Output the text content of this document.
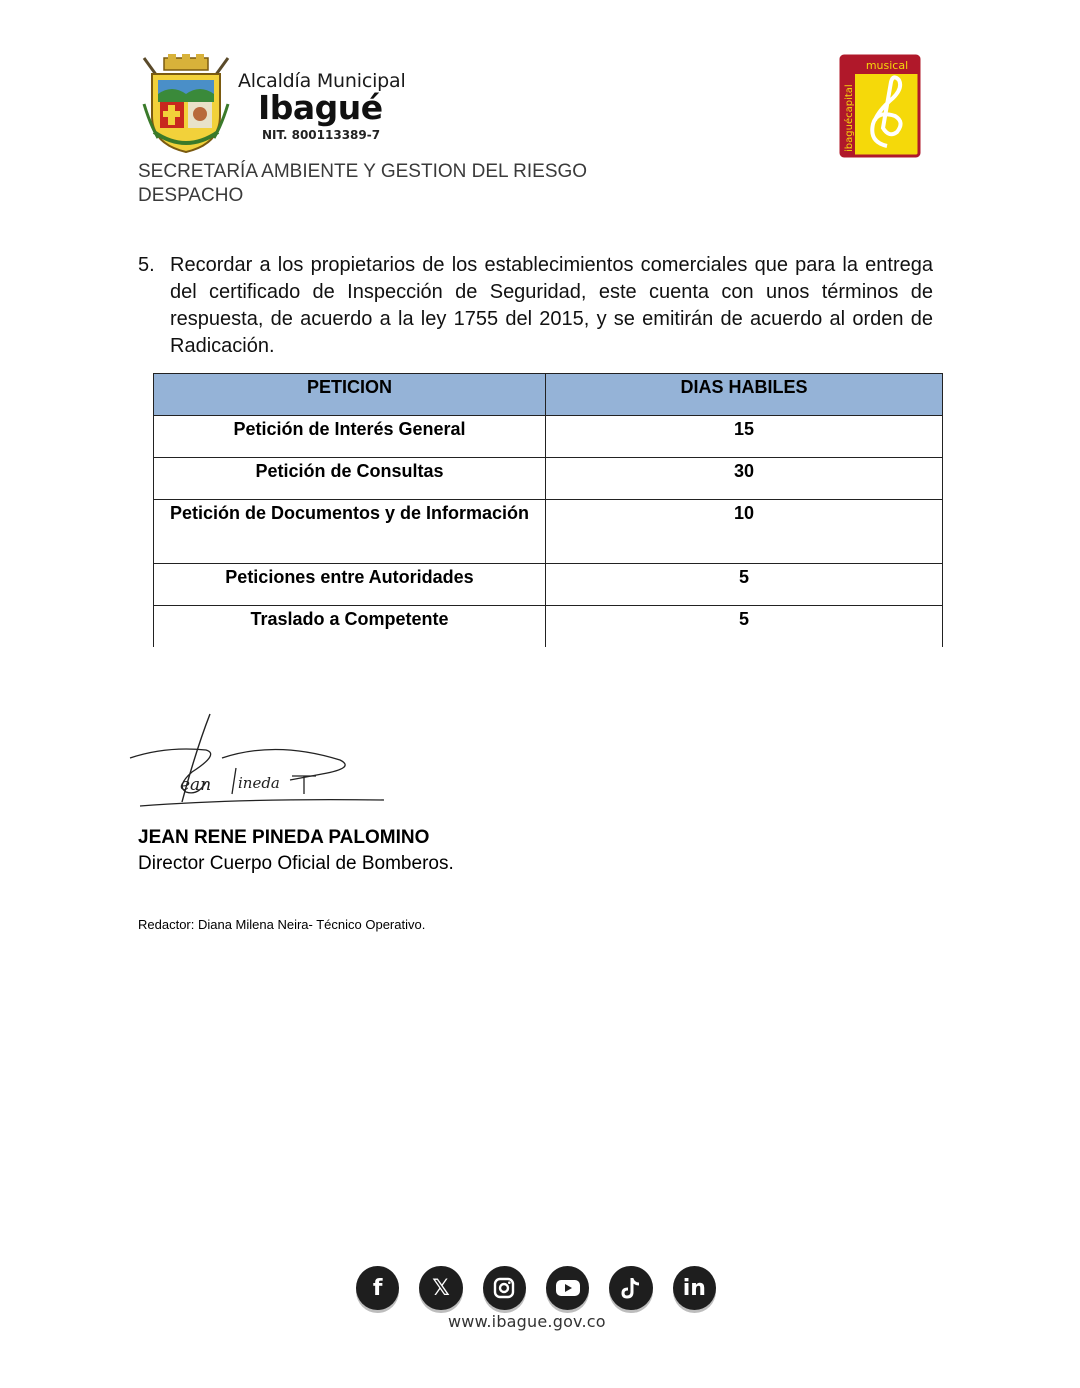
Alcaldía Municipal
Ibagué
NIT. 800113389-7
musical
ibaguécapital
SECRETARÍA AMBIENTE Y GESTION DEL RIESGO
DESPACHO
5. Recordar a los propietarios de los establecimientos comerciales que para la entrega del certificado de Inspección de Seguridad, este cuenta con unos términos de respuesta, de acuerdo a la ley 1755 del 2015, y se emitirán de acuerdo al orden de Radicación.
PETICION	DIAS HABILES
Petición de Interés General	15
Petición de Consultas	30
Petición de Documentos y de Información	10
Peticiones entre Autoridades	5
Traslado a Competente	5
ean ineda
JEAN RENE PINEDA PALOMINO
Director Cuerpo Oficial de Bomberos.
Redactor: Diana Milena Neira- Técnico Operativo.
f	𝕏	in
www.ibague.gov.co
